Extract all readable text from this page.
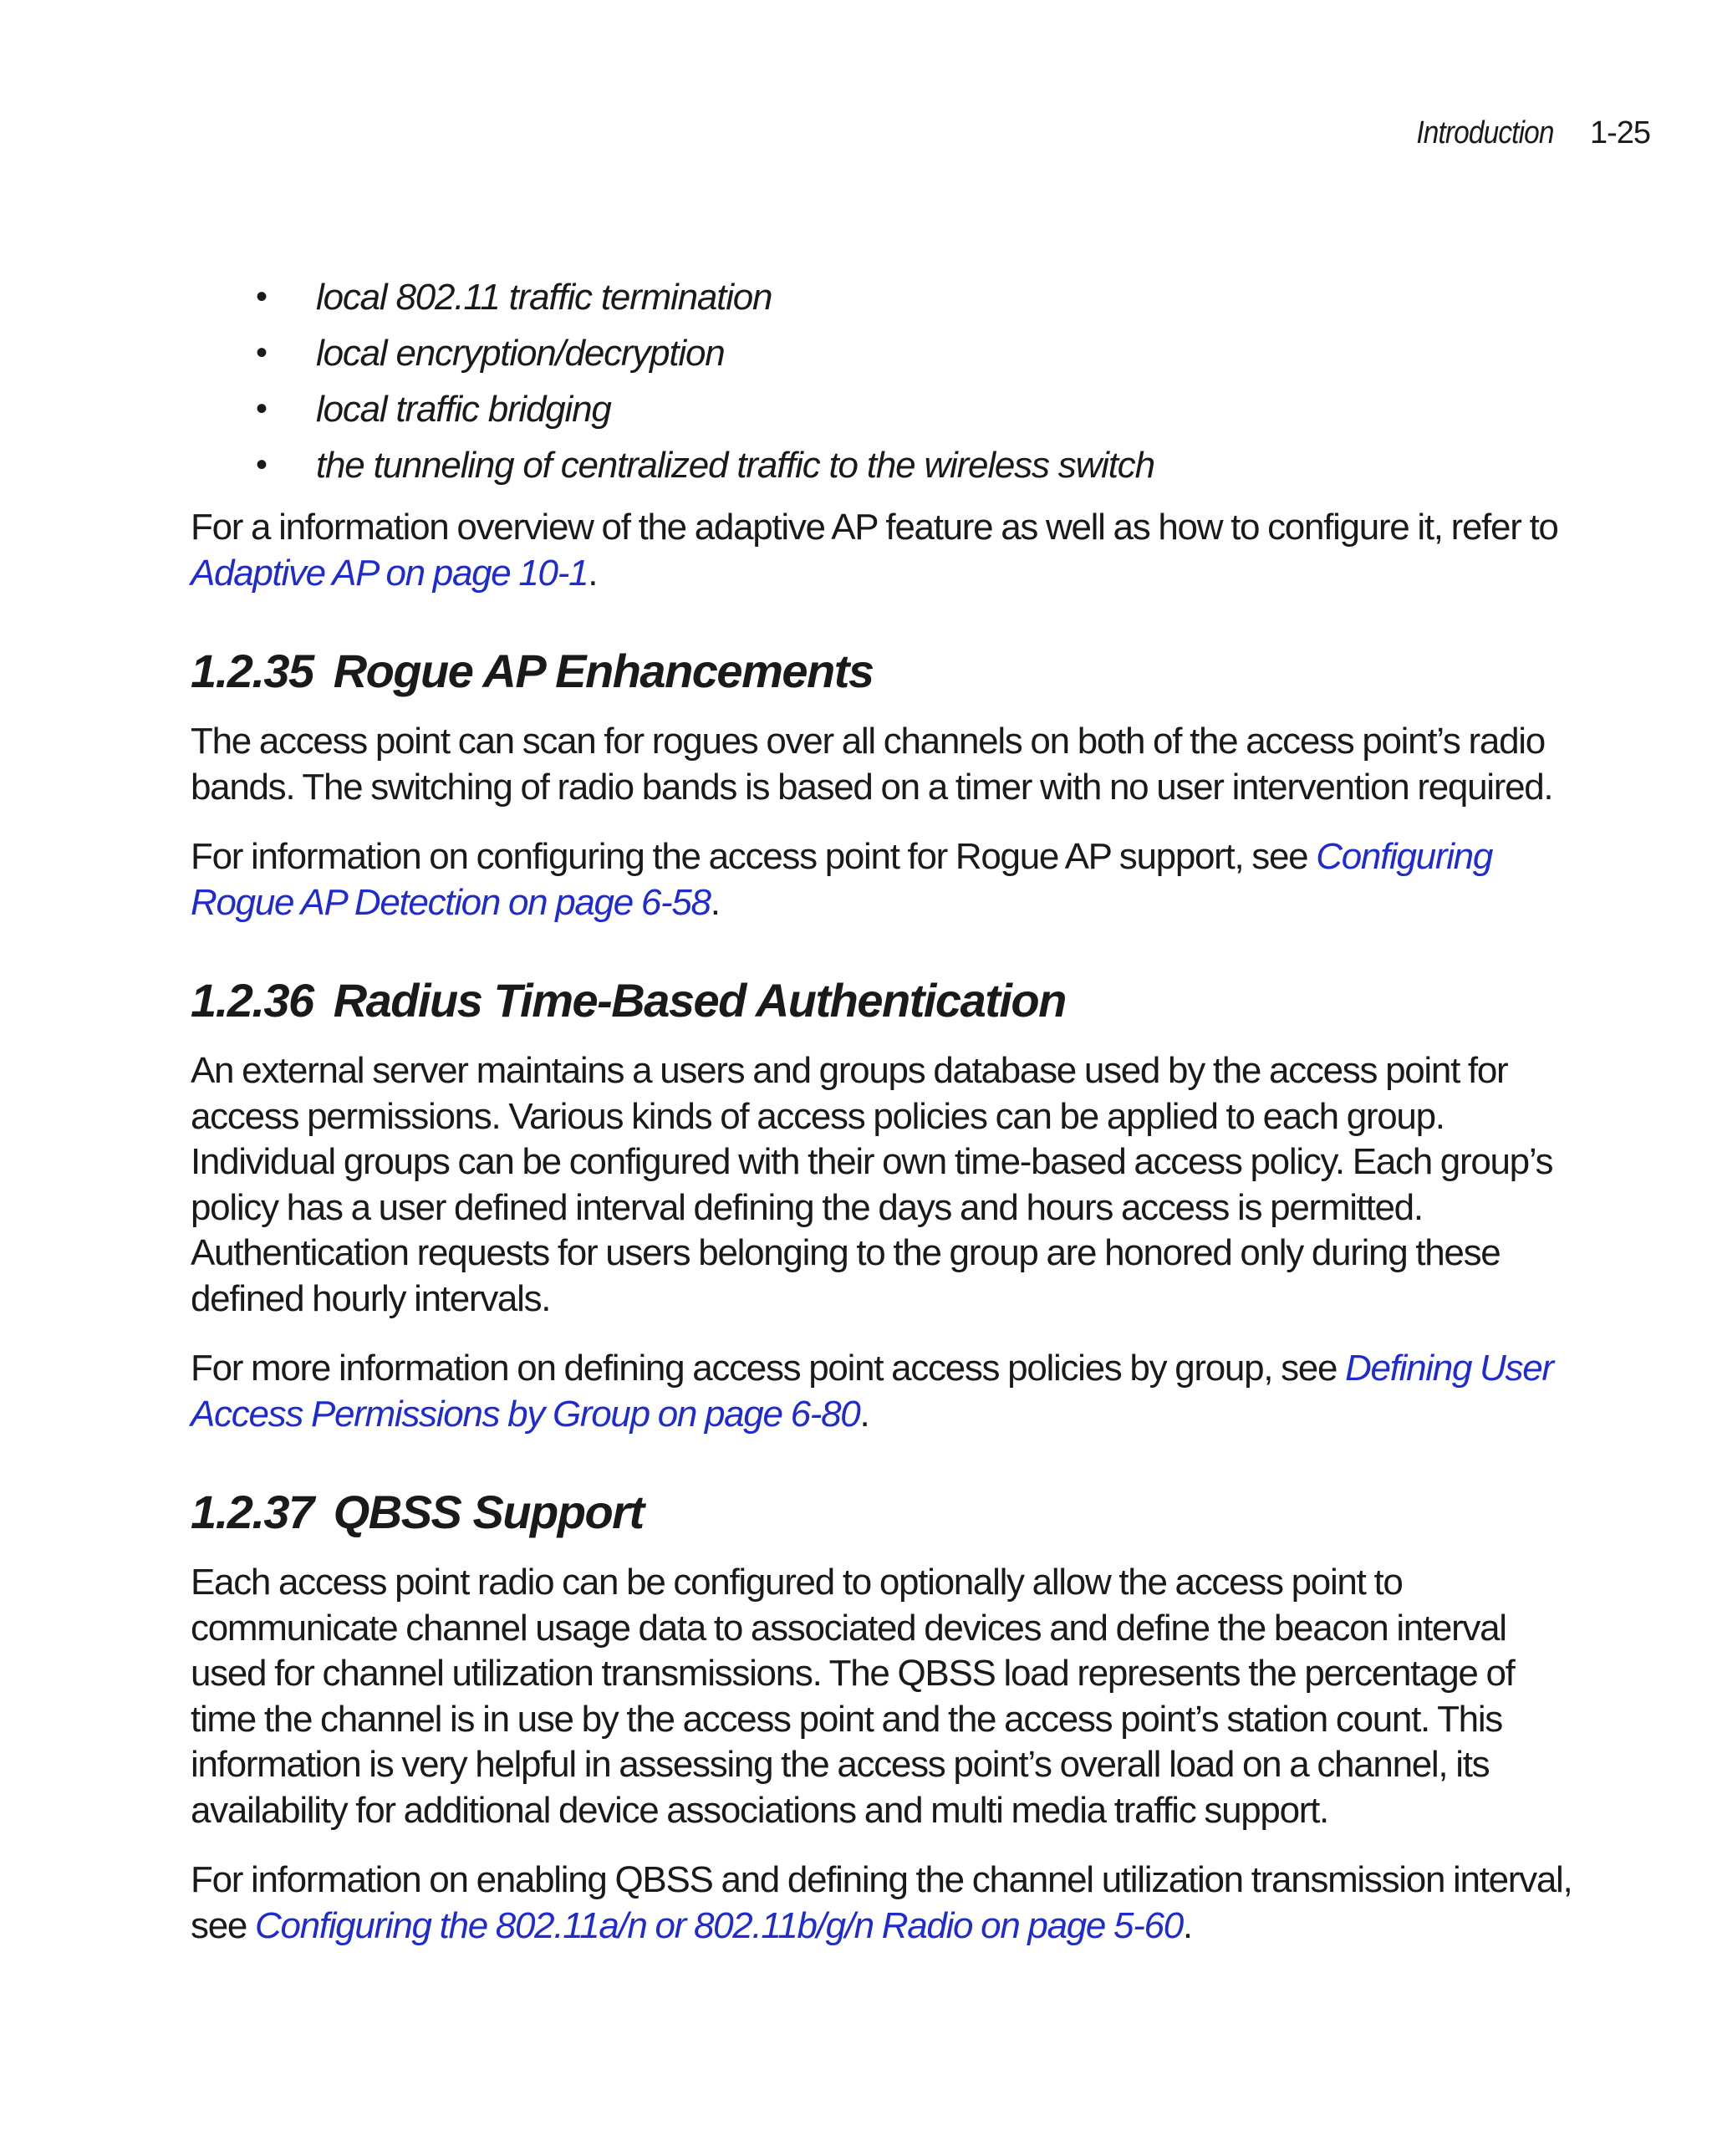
Introduction 1-25
• local 802.11 traffic termination
• local encryption/decryption
• local traffic bridging
• the tunneling of centralized traffic to the wireless switch

For a information overview of the adaptive AP feature as well as how to configure it, refer to Adaptive AP on page 10-1.

1.2.35 Rogue AP Enhancements

The access point can scan for rogues over all channels on both of the access point’s radio bands. The switching of radio bands is based on a timer with no user intervention required.

For information on configuring the access point for Rogue AP support, see Configuring Rogue AP Detection on page 6-58.

1.2.36 Radius Time-Based Authentication

An external server maintains a users and groups database used by the access point for access permissions. Various kinds of access policies can be applied to each group. Individual groups can be configured with their own time-based access policy. Each group’s policy has a user defined interval defining the days and hours access is permitted. Authentication requests for users belonging to the group are honored only during these defined hourly intervals.

For more information on defining access point access policies by group, see Defining User Access Permissions by Group on page 6-80.

1.2.37 QBSS Support

Each access point radio can be configured to optionally allow the access point to communicate channel usage data to associated devices and define the beacon interval used for channel utilization transmissions. The QBSS load represents the percentage of time the channel is in use by the access point and the access point’s station count. This information is very helpful in assessing the access point’s overall load on a channel, its availability for additional device associations and multi media traffic support.

For information on enabling QBSS and defining the channel utilization transmission interval, see Configuring the 802.11a/n or 802.11b/g/n Radio on page 5-60.
